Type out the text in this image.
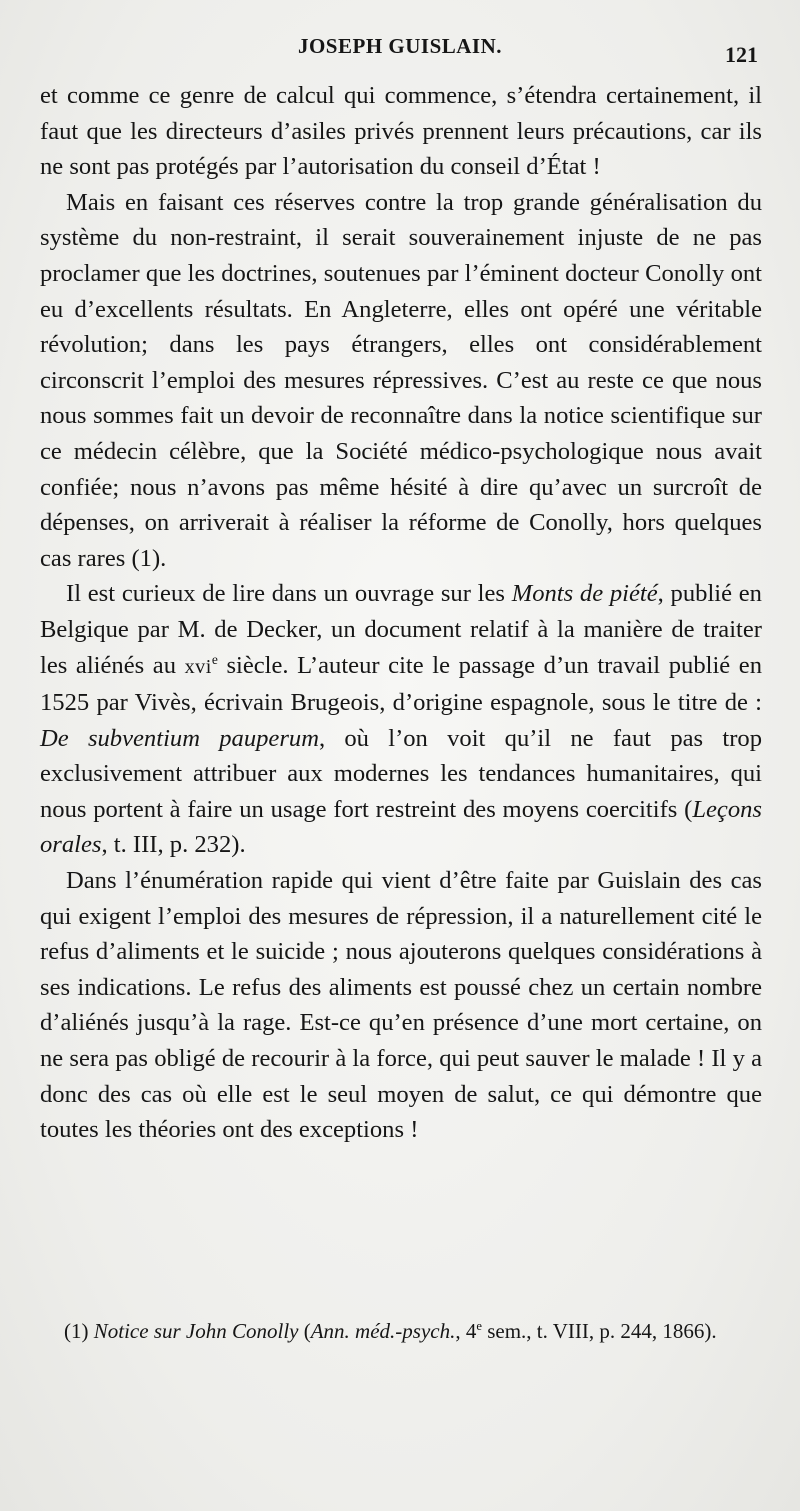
JOSEPH GUISLAIN.	121

et comme ce genre de calcul qui commence, s’étendra certainement, il faut que les directeurs d’asiles privés prennent leurs précautions, car ils ne sont pas protégés par l’autorisation du conseil d’État !

Mais en faisant ces réserves contre la trop grande généralisation du système du non-restraint, il serait souverainement injuste de ne pas proclamer que les doctrines, soutenues par l’éminent docteur Conolly ont eu d’excellents résultats. En Angleterre, elles ont opéré une véritable révolution; dans les pays étrangers, elles ont considérablement circonscrit l’emploi des mesures répressives. C’est au reste ce que nous nous sommes fait un devoir de reconnaître dans la notice scientifique sur ce médecin célèbre, que la Société médico-psychologique nous avait confiée; nous n’avons pas même hésité à dire qu’avec un surcroît de dépenses, on arriverait à réaliser la réforme de Conolly, hors quelques cas rares (1).

Il est curieux de lire dans un ouvrage sur les Monts de piété, publié en Belgique par M. de Decker, un document relatif à la manière de traiter les aliénés au xvi$^e$ siècle. L’auteur cite le passage d’un travail publié en 1525 par Vivès, écrivain Brugeois, d’origine espagnole, sous le titre de : De subventium pauperum, où l’on voit qu’il ne faut pas trop exclusivement attribuer aux modernes les tendances humanitaires, qui nous portent à faire un usage fort restreint des moyens coercitifs (Leçons orales, t. III, p. 232).

Dans l’énumération rapide qui vient d’être faite par Guislain des cas qui exigent l’emploi des mesures de répression, il a naturellement cité le refus d’aliments et le suicide ; nous ajouterons quelques considérations à ses indications. Le refus des aliments est poussé chez un certain nombre d’aliénés jusqu’à la rage. Est-ce qu’en présence d’une mort certaine, on ne sera pas obligé de recourir à la force, qui peut sauver le malade ! Il y a donc des cas où elle est le seul moyen de salut, ce qui démontre que toutes les théories ont des exceptions !

(1) Notice sur John Conolly (Ann. méd.-psych., 4e sem., t. VIII, p. 244, 1866).
